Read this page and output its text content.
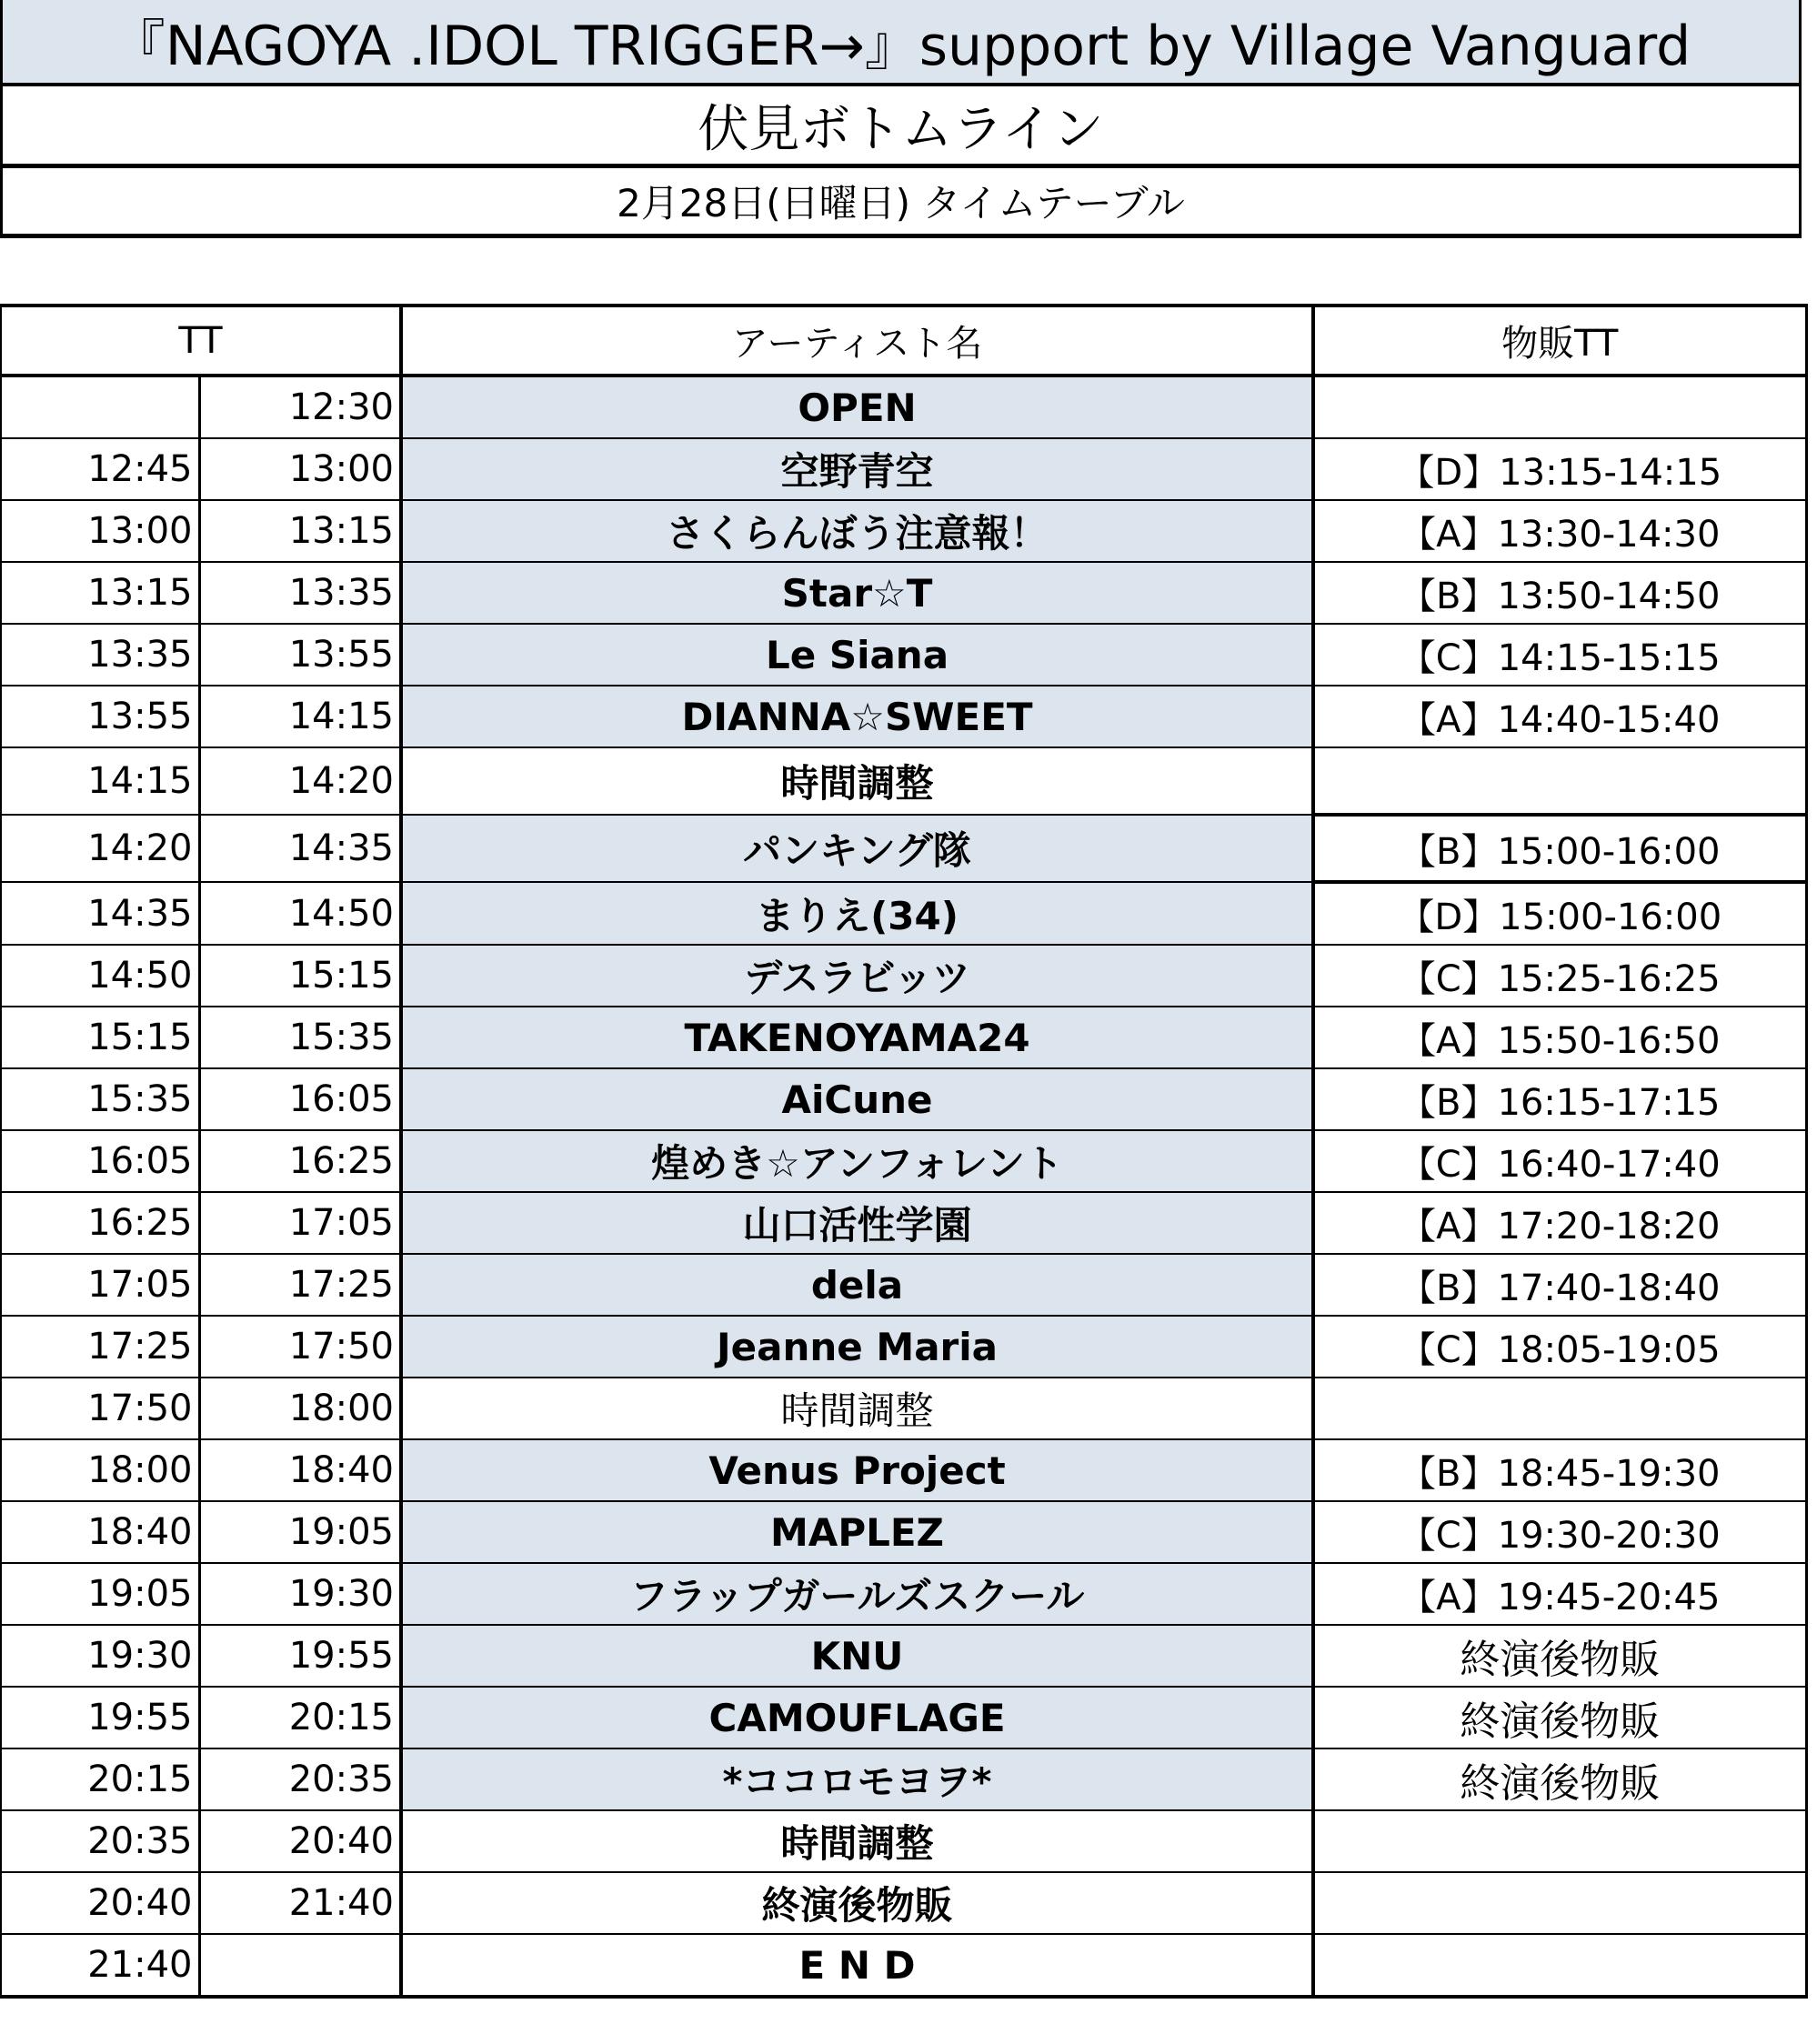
『NAGOYA .IDOL TRIGGER→』support by Village Vanguard
伏見ボトムライン
2月28日(日曜日) タイムテーブル
TT		アーティスト名	物販TT
	12:30	OPEN	
12:45	13:00	空野青空	【D】13:15-14:15
13:00	13:15	さくらんぼう注意報！	【A】13:30-14:30
13:15	13:35	Star☆T	【B】13:50-14:50
13:35	13:55	Le Siana	【C】14:15-15:15
13:55	14:15	DIANNA☆SWEET	【A】14:40-15:40
14:15	14:20	時間調整	
14:20	14:35	パンキング隊	【B】15:00-16:00
14:35	14:50	まりえ(34)	【D】15:00-16:00
14:50	15:15	デスラビッツ	【C】15:25-16:25
15:15	15:35	TAKENOYAMA24	【A】15:50-16:50
15:35	16:05	AiCune	【B】16:15-17:15
16:05	16:25	煌めき☆アンフォレント	【C】16:40-17:40
16:25	17:05	山口活性学園	【A】17:20-18:20
17:05	17:25	dela	【B】17:40-18:40
17:25	17:50	Jeanne Maria	【C】18:05-19:05
17:50	18:00	時間調整	
18:00	18:40	Venus Project	【B】18:45-19:30
18:40	19:05	MAPLEZ	【C】19:30-20:30
19:05	19:30	フラップガールズスクール	【A】19:45-20:45
19:30	19:55	KNU	終演後物販
19:55	20:15	CAMOUFLAGE	終演後物販
20:15	20:35	*ココロモヨヲ*	終演後物販
20:35	20:40	時間調整	
20:40	21:40	終演後物販	
21:40		E N D	
